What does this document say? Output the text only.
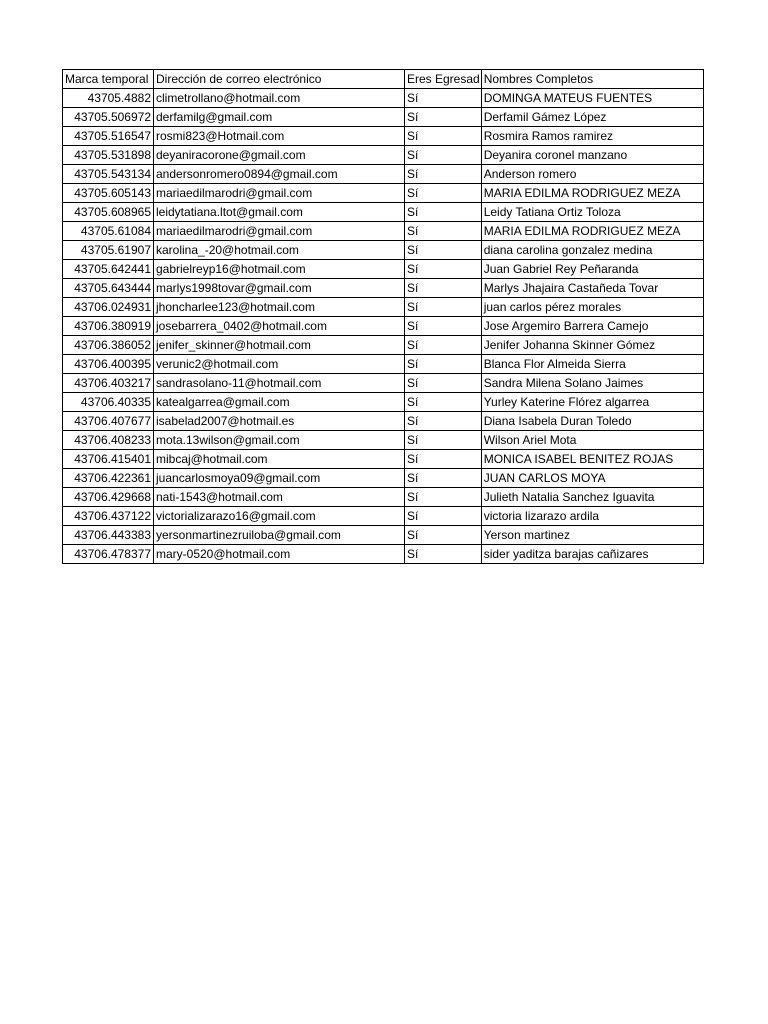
Marca temporal	Dirección de correo electrónico	Eres Egresad	Nombres Completos
43705.4882	climetrollano@hotmail.com	Sí	DOMINGA MATEUS FUENTES
43705.506972	derfamilg@gmail.com	Sí	Derfamil Gámez López
43705.516547	rosmi823@Hotmail.com	Sí	Rosmira Ramos ramirez
43705.531898	deyaniracorone@gmail.com	Sí	Deyanira coronel manzano
43705.543134	andersonromero0894@gmail.com	Sí	Anderson romero
43705.605143	mariaedilmarodri@gmail.com	Sí	MARIA EDILMA RODRIGUEZ MEZA
43705.608965	leidytatiana.ltot@gmail.com	Sí	Leidy Tatiana Ortiz Toloza
43705.61084	mariaedilmarodri@gmail.com	Sí	MARIA EDILMA RODRIGUEZ MEZA
43705.61907	karolina_-20@hotmail.com	Sí	diana carolina gonzalez medina
43705.642441	gabrielreyp16@hotmail.com	Sí	Juan Gabriel Rey Peñaranda
43705.643444	marlys1998tovar@gmail.com	Sí	Marlys Jhajaira Castañeda Tovar
43706.024931	jhoncharlee123@hotmail.com	Sí	juan carlos pérez morales
43706.380919	josebarrera_0402@hotmail.com	Sí	Jose Argemiro Barrera Camejo
43706.386052	jenifer_skinner@hotmail.com	Sí	Jenifer Johanna Skinner Gómez
43706.400395	verunic2@hotmail.com	Sí	Blanca Flor Almeida Sierra
43706.403217	sandrasolano-11@hotmail.com	Sí	Sandra Milena Solano Jaimes
43706.40335	katealgarrea@gmail.com	Sí	Yurley Katerine Flórez algarrea
43706.407677	isabelad2007@hotmail.es	Sí	Diana Isabela Duran Toledo
43706.408233	mota.13wilson@gmail.com	Sí	Wilson Ariel Mota
43706.415401	mibcaj@hotmail.com	Sí	MONICA ISABEL BENITEZ ROJAS
43706.422361	juancarlosmoya09@gmail.com	Sí	JUAN CARLOS MOYA
43706.429668	nati-1543@hotmail.com	Sí	Julieth Natalia Sanchez Iguavita
43706.437122	victorializarazo16@gmail.com	Sí	victoria lizarazo ardila
43706.443383	yersonmartinezruiloba@gmail.com	Sí	Yerson martinez
43706.478377	mary-0520@hotmail.com	Sí	sider yaditza barajas cañizares
